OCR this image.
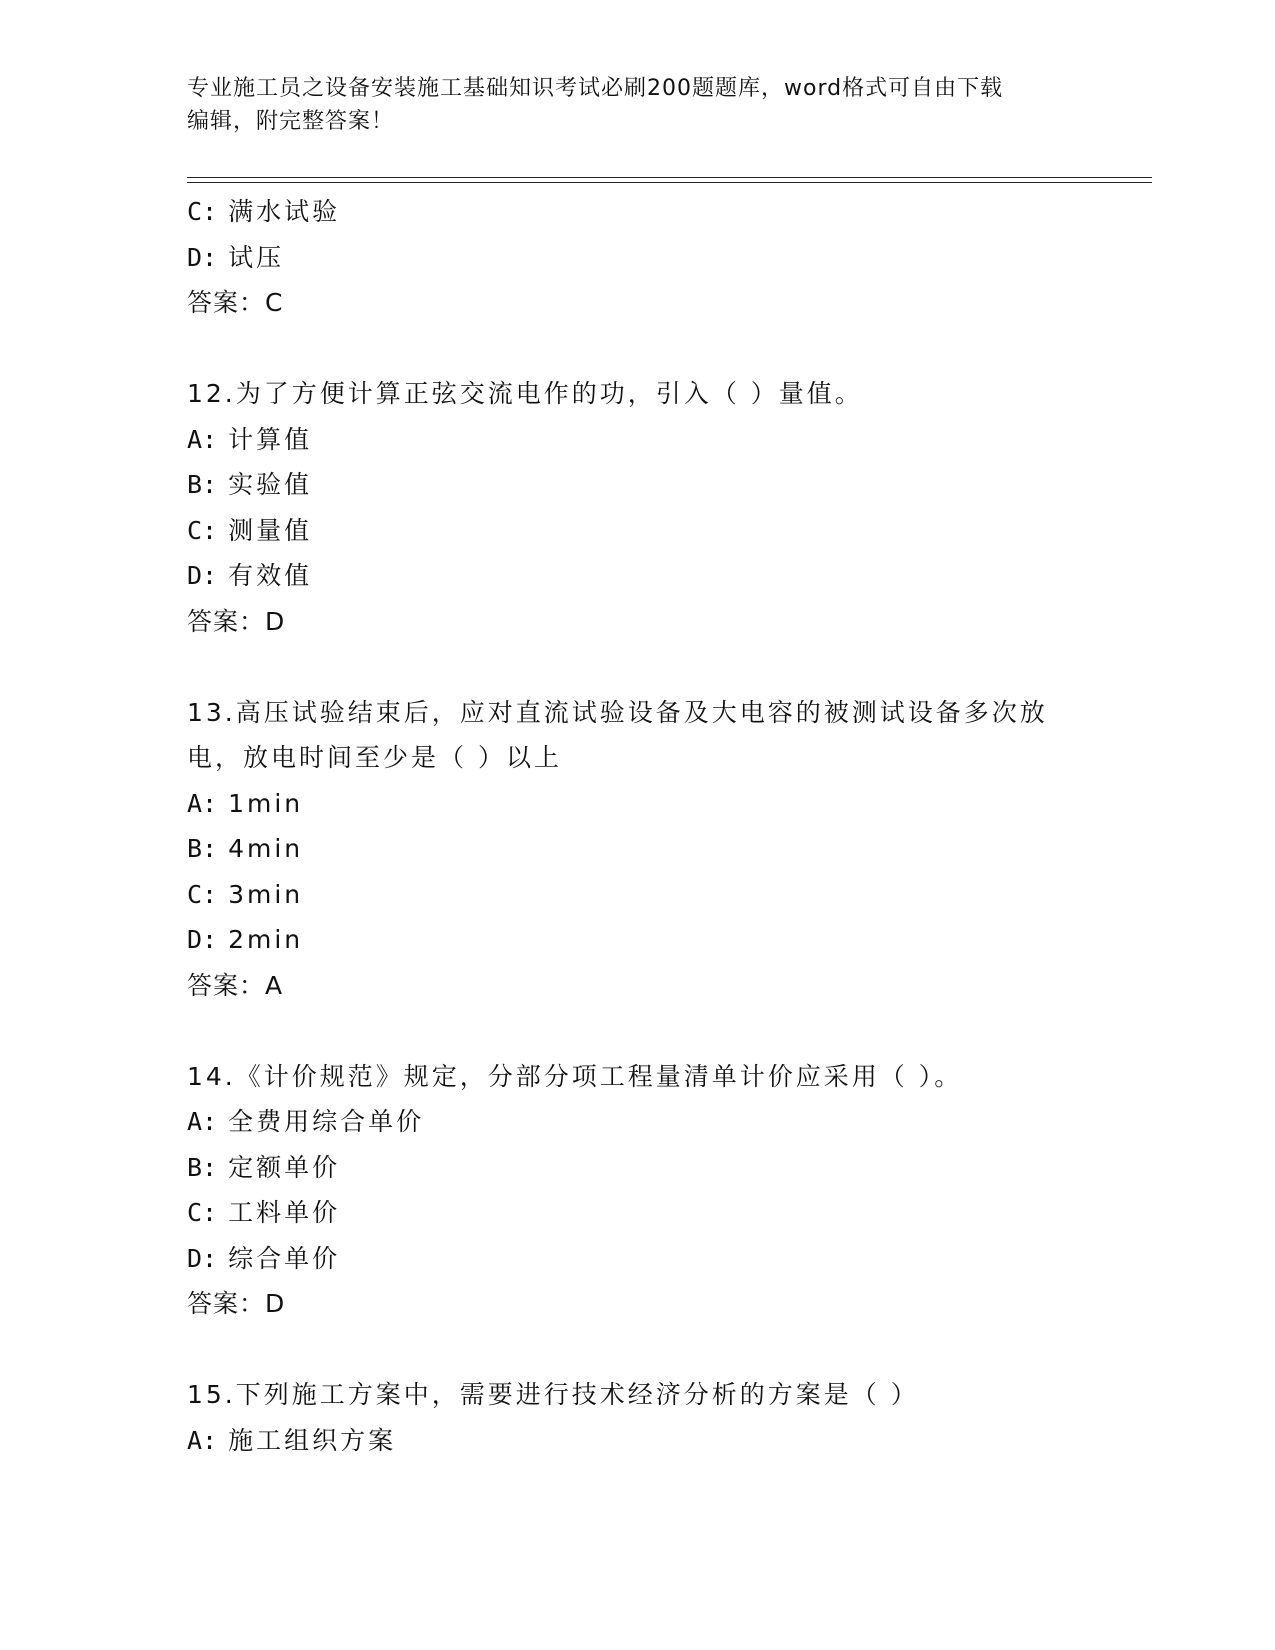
专业施工员之设备安装施工基础知识考试必刷200题题库，word格式可自由下载
编辑，附完整答案！
C: 满水试验
D: 试压
答案：C
12.为了方便计算正弦交流电作的功，引入（ ）量值。
A: 计算值
B: 实验值
C: 测量值
D: 有效值
答案：D
13.高压试验结束后，应对直流试验设备及大电容的被测试设备多次放
电，放电时间至少是（ ）以上
A: 1min
B: 4min
C: 3min
D: 2min
答案：A
14.《计价规范》规定，分部分项工程量清单计价应采用（ ）。
A: 全费用综合单价
B: 定额单价
C: 工料单价
D: 综合单价
答案：D
15.下列施工方案中，需要进行技术经济分析的方案是（ ）
A: 施工组织方案
